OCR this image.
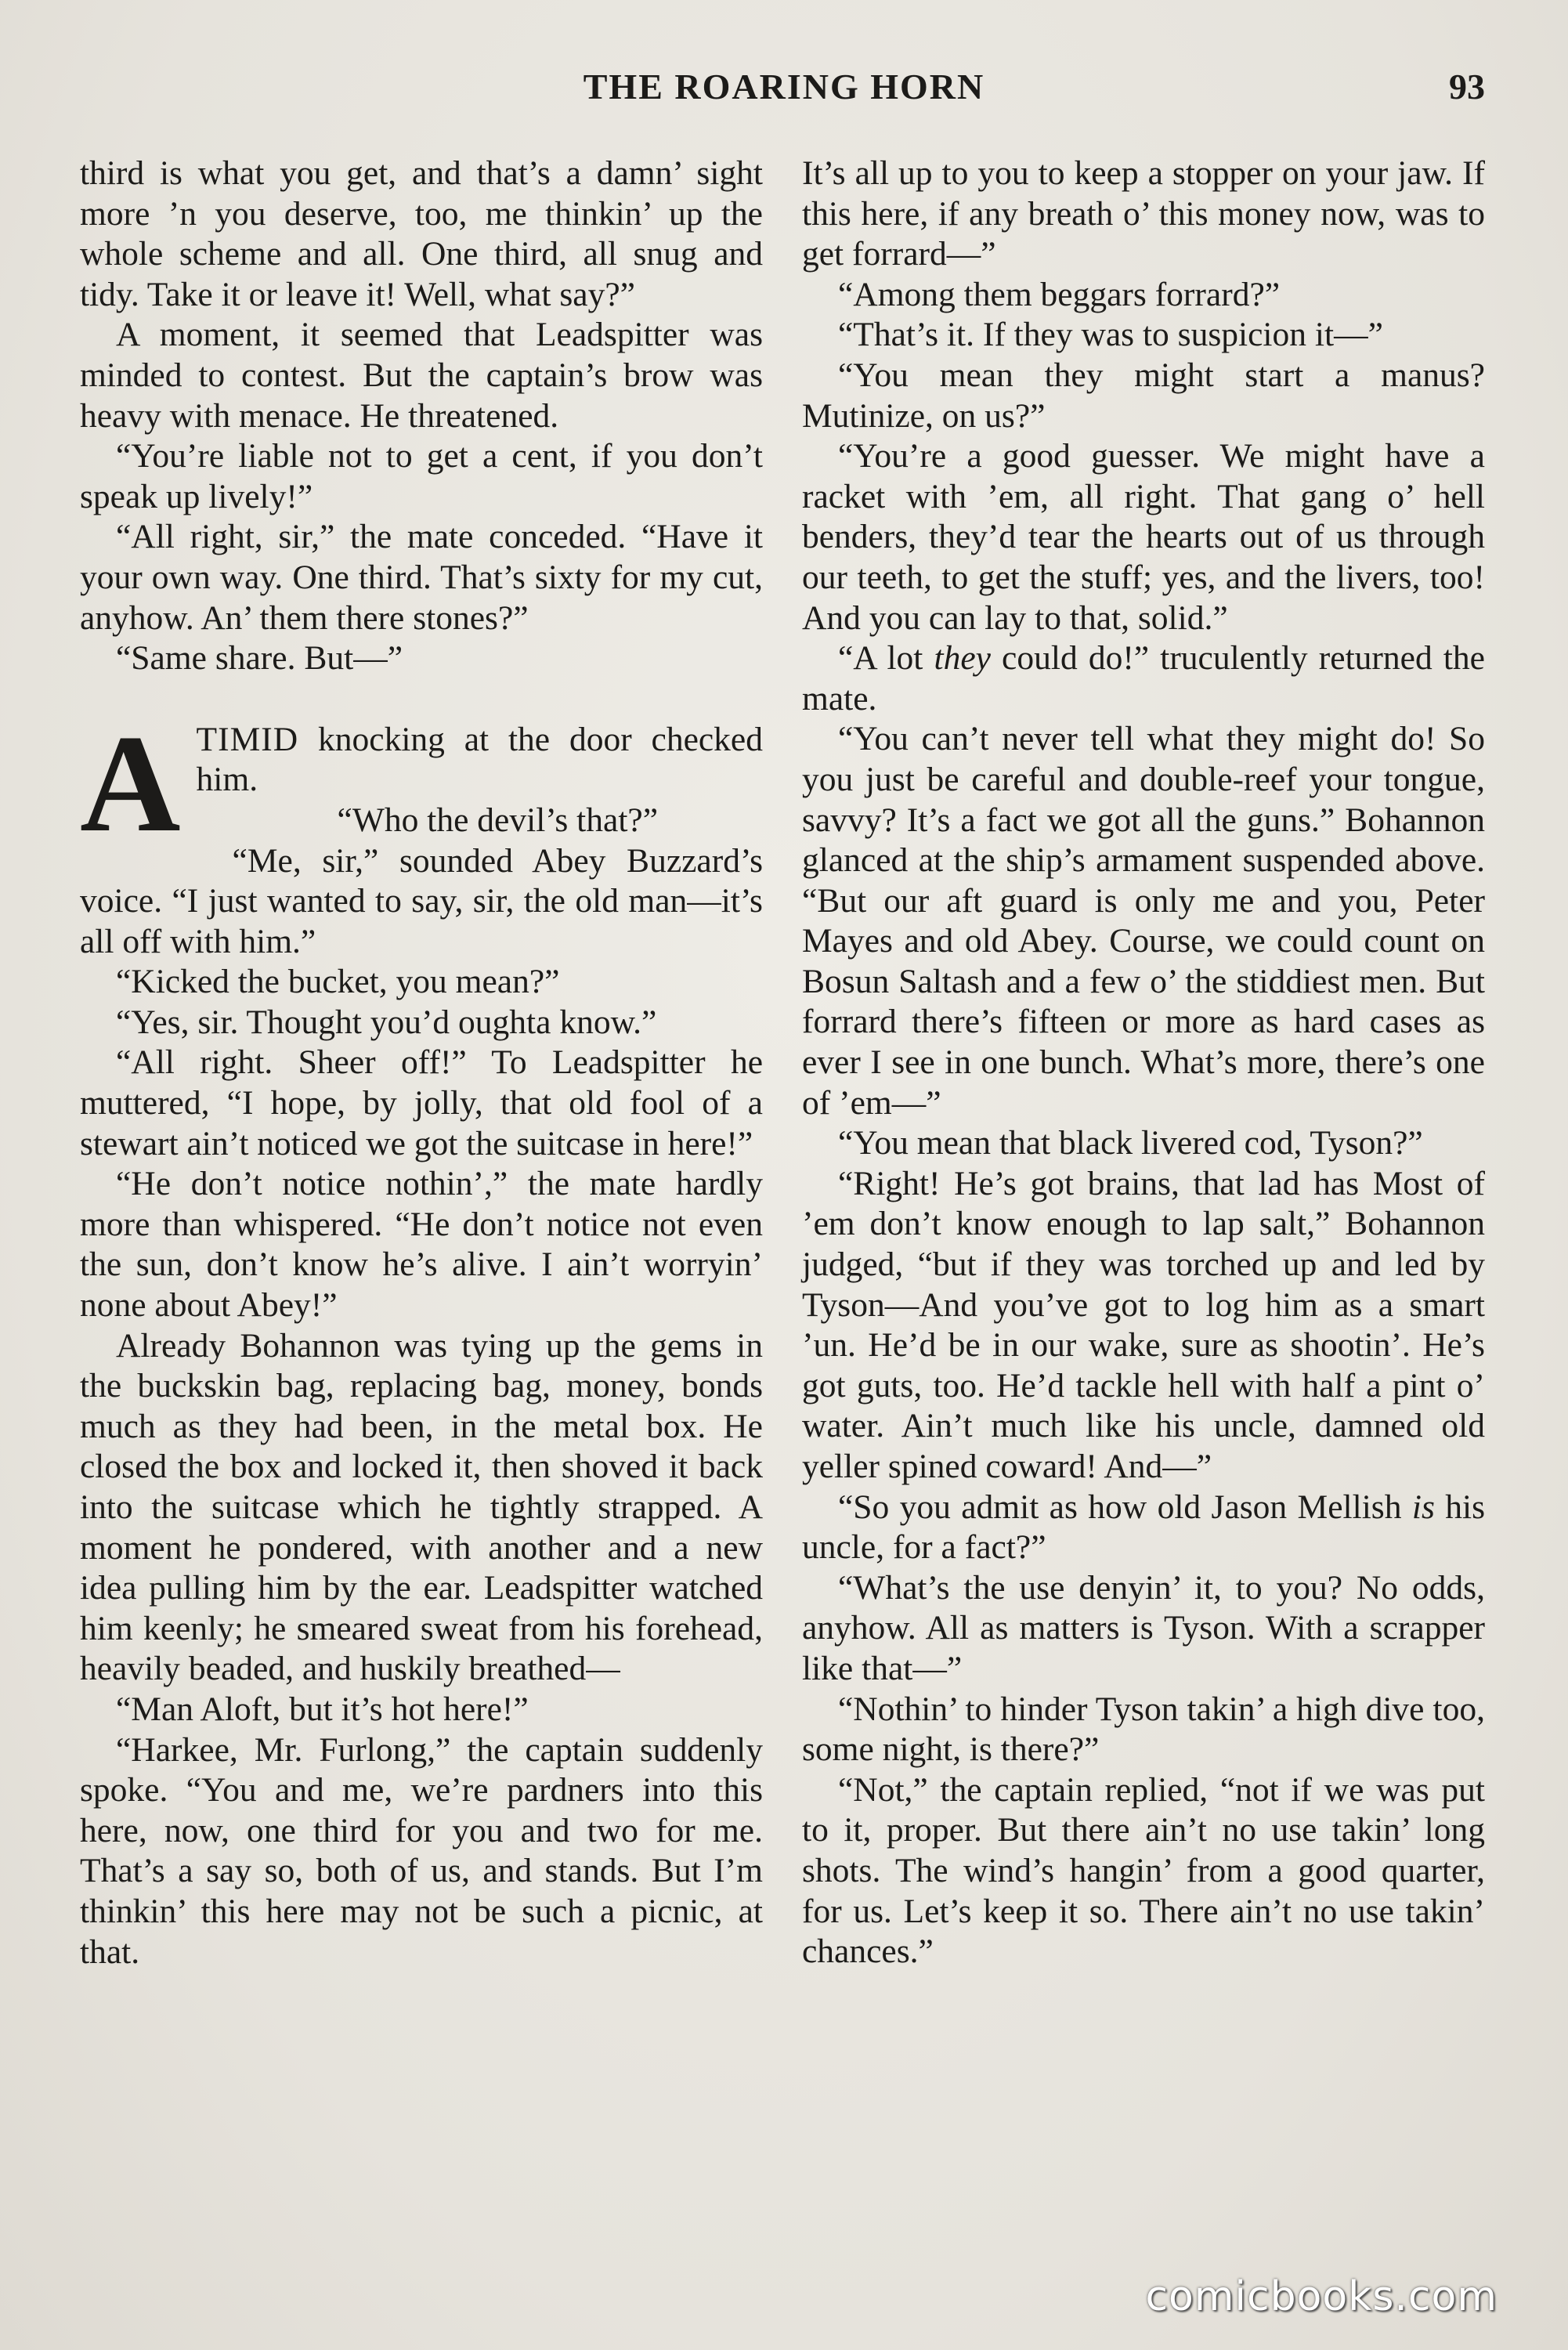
THE ROARING HORN	93

third is what you get, and that’s a damn’ sight more ’n you deserve, too, me thinkin’ up the whole scheme and all. One third, all snug and tidy. Take it or leave it! Well, what say?”

A moment, it seemed that Leadspitter was minded to contest. But the captain’s brow was heavy with menace. He threatened.

“You’re liable not to get a cent, if you don’t speak up lively!”

“All right, sir,” the mate conceded. “Have it your own way. One third. That’s sixty for my cut, anyhow. An’ them there stones?”

“Same share. But—”

ATIMID knocking at the door checked him.

“Who the devil’s that?”

“Me, sir,” sounded Abey Buzzard’s voice. “I just wanted to say, sir, the old man—it’s all off with him.”

“Kicked the bucket, you mean?”

“Yes, sir. Thought you’d oughta know.”

“All right. Sheer off!” To Leadspitter he muttered, “I hope, by jolly, that old fool of a stewart ain’t noticed we got the suitcase in here!”

“He don’t notice nothin’,” the mate hardly more than whispered. “He don’t notice not even the sun, don’t know he’s alive. I ain’t worryin’ none about Abey!”

Already Bohannon was tying up the gems in the buckskin bag, replacing bag, money, bonds much as they had been, in the metal box. He closed the box and locked it, then shoved it back into the suitcase which he tightly strapped. A moment he pondered, with another and a new idea pulling him by the ear. Leadspitter watched him keenly; he smeared sweat from his forehead, heavily beaded, and huskily breathed—

“Man Aloft, but it’s hot here!”

“Harkee, Mr. Furlong,” the captain suddenly spoke. “You and me, we’re pardners into this here, now, one third for you and two for me. That’s a say so, both of us, and stands. But I’m thinkin’ this here may not be such a picnic, at that.

It’s all up to you to keep a stopper on your jaw. If this here, if any breath o’ this money now, was to get forrard—”

“Among them beggars forrard?”

“That’s it. If they was to suspicion it—”

“You mean they might start a manus? Mutinize, on us?”

“You’re a good guesser. We might have a racket with ’em, all right. That gang o’ hell benders, they’d tear the hearts out of us through our teeth, to get the stuff; yes, and the livers, too! And you can lay to that, solid.”

“A lot they could do!” truculently returned the mate.

“You can’t never tell what they might do! So you just be careful and double-reef your tongue, savvy? It’s a fact we got all the guns.” Bohannon glanced at the ship’s armament suspended above. “But our aft guard is only me and you, Peter Mayes and old Abey. Course, we could count on Bosun Saltash and a few o’ the stiddiest men. But forrard there’s fifteen or more as hard cases as ever I see in one bunch. What’s more, there’s one of ’em—”

“You mean that black livered cod, Tyson?”

“Right! He’s got brains, that lad has Most of ’em don’t know enough to lap salt,” Bohannon judged, “but if they was torched up and led by Tyson—And you’ve got to log him as a smart ’un. He’d be in our wake, sure as shootin’. He’s got guts, too. He’d tackle hell with half a pint o’ water. Ain’t much like his uncle, damned old yeller spined coward! And—”

“So you admit as how old Jason Mellish is his uncle, for a fact?”

“What’s the use denyin’ it, to you? No odds, anyhow. All as matters is Tyson. With a scrapper like that—”

“Nothin’ to hinder Tyson takin’ a high dive too, some night, is there?”

“Not,” the captain replied, “not if we was put to it, proper. But there ain’t no use takin’ long shots. The wind’s hangin’ from a good quarter, for us. Let’s keep it so. There ain’t no use takin’ chances.”

comicbooks.com
